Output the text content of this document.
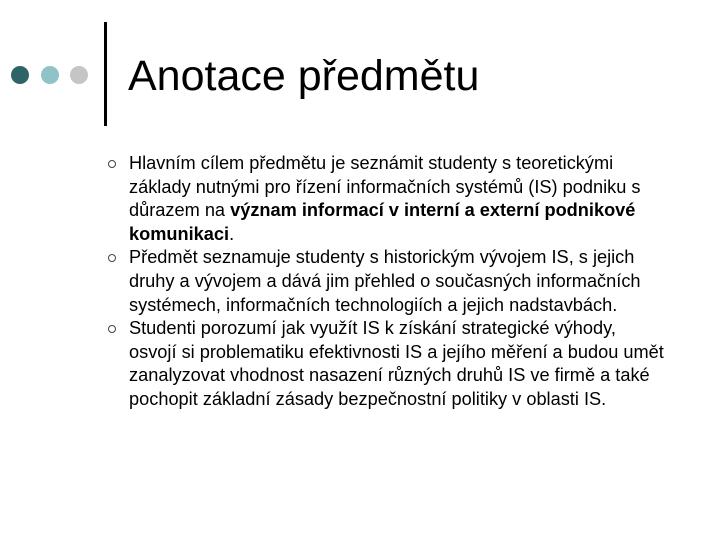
Anotace předmětu
Hlavním cílem předmětu je seznámit studenty s teoretickými základy nutnými pro řízení informačních systémů (IS) podniku s důrazem na význam informací v interní a externí podnikové komunikaci.
Předmět seznamuje studenty s historickým vývojem IS, s jejich druhy a vývojem a dává jim přehled o současných informačních systémech, informačních technologiích a jejich nadstavbách.
Studenti porozumí jak využít IS k získání strategické výhody, osvojí si problematiku efektivnosti IS a jejího měření a budou umět zanalyzovat vhodnost nasazení různých druhů IS ve firmě a také pochopit základní zásady bezpečnostní politiky v oblasti IS.
